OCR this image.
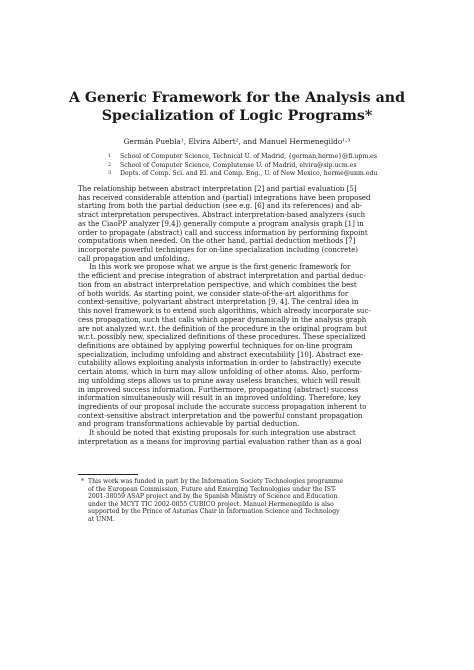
A Generic Framework for the Analysis and
Specialization of Logic Programs*
Germán Puebla¹, Elvira Albert², and Manuel Hermenegildo¹·³
1 School of Computer Science, Technical U. of Madrid, {german,herme}@fi.upm.es
2 School of Computer Science, Complutense U. of Madrid, elvira@sip.ucm.es
3 Depts. of Comp. Sci. and El. and Comp. Eng., U. of New Mexico, herme@unm.edu

The relationship between abstract interpretation [2] and partial evaluation [5]
has received considerable attention and (partial) integrations have been proposed
starting from both the partial deduction (see e.g. [6] and its references) and ab-
stract interpretation perspectives. Abstract interpretation-based analyzers (such
as the CiaoPP analyzer [9,4]) generally compute a program analysis graph [1] in
order to propagate (abstract) call and success information by performing fixpoint
computations when needed. On the other hand, partial deduction methods [7]
incorporate powerful techniques for on-line specialization including (concrete)
call propagation and unfolding.

In this work we propose what we argue is the first generic framework for
the efficient and precise integration of abstract interpretation and partial deduc-
tion from an abstract interpretation perspective, and which combines the best
of both worlds. As starting point, we consider state-of-the-art algorithms for
context-sensitive, polyvariant abstract interpretation [9, 4]. The central idea in
this novel framework is to extend such algorithms, which already incorporate suc-
cess propagation, such that calls which appear dynamically in the analysis graph
are not analyzed w.r.t. the definition of the procedure in the original program but
w.r.t. possibly new, specialized definitions of these procedures. These specialized
definitions are obtained by applying powerful techniques for on-line program
specialization, including unfolding and abstract executability [10]. Abstract exe-
cutability allows exploiting analysis information in order to (abstractly) execute
certain atoms, which in turn may allow unfolding of other atoms. Also, perform-
ing unfolding steps allows us to prune away useless branches, which will result
in improved success information. Furthermore, propagating (abstract) success
information simultaneously will result in an improved unfolding. Therefore, key
ingredients of our proposal include the accurate success propagation inherent to
context-sensitive abstract interpretation and the powerful constant propagation
and program transformations achievable by partial deduction.

It should be noted that existing proposals for such integration use abstract
interpretation as a means for improving partial evaluation rather than as a goal

* This work was funded in part by the Information Society Technologies programme
of the European Commission, Future and Emerging Technologies under the IST-
2001-38059 ASAP project and by the Spanish Ministry of Science and Education
under the MCYT TIC 2002-0055 CUBICO project. Manuel Hermenegildo is also
supported by the Prince of Asturias Chair in Information Science and Technology
at UNM.
